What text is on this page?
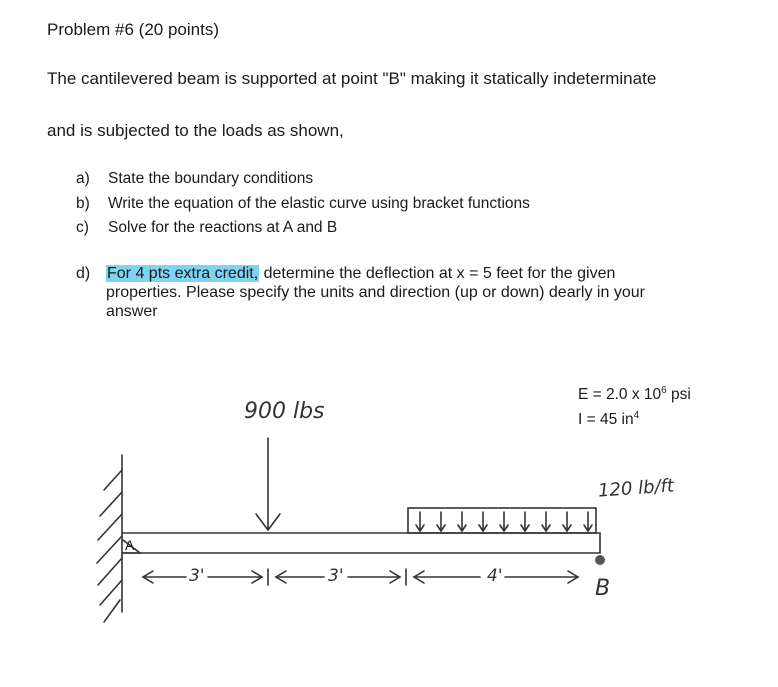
Problem #6 (20 points)
The cantilevered beam is supported at point "B" making it statically indeterminate
and is subjected to the loads as shown,
a) State the boundary conditions
b) Write the equation of the elastic curve using bracket functions
c) Solve for the reactions at A and B
d) For 4 pts extra credit, determine the deflection at x = 5 feet for the given
properties. Please specify the units and direction (up or down) dearly in your
answer
E = 2.0 x $10^6$ psi
I = 45 $in^4$
900 lbs
120 lb/ft
A
B
3'	3'	4'
